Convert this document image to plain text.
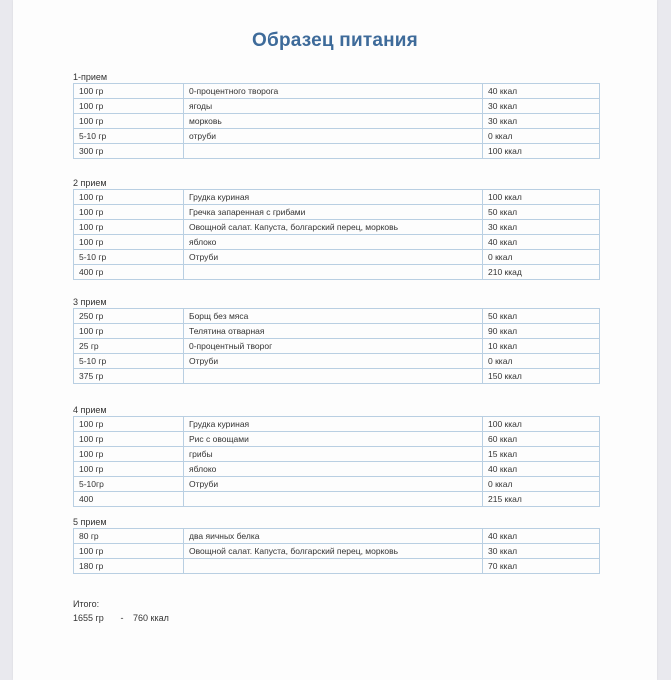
Образец питания
1-прием
100 гр	0-процентного творога	40 ккал
100 гр	ягоды	30 ккал
100 гр	морковь	30 ккал
5-10 гр	отруби	0 ккал
300 гр		100 ккал
2 прием
100 гр	Грудка куриная	100 ккал
100 гр	Гречка запаренная с грибами	50 ккал
100 гр	Овощной салат. Капуста, болгарский перец, морковь	30 ккал
100 гр	яблоко	40 ккал
5-10 гр	Отруби	0 ккал
400 гр		210 ккад
3 прием
250 гр	Борщ без мяса	50 ккал
100 гр	Телятина отварная	90 ккал
25 гр	0-процентный творог	10 ккал
5-10 гр	Отруби	0 ккал
375 гр		150 ккал
4 прием
100 гр	Грудка куриная	100 ккал
100 гр	Рис с овощами	60 ккал
100 гр	грибы	15 ккал
100 гр	яблоко	40 ккал
5-10гр	Отруби	0 ккал
400		215 ккал
5 прием
80 гр	два яичных белка	40 ккал
100 гр	Овощной салат. Капуста, болгарский перец, морковь	30 ккал
180 гр		70 ккал
Итого:
1655 гр - 760 ккал
